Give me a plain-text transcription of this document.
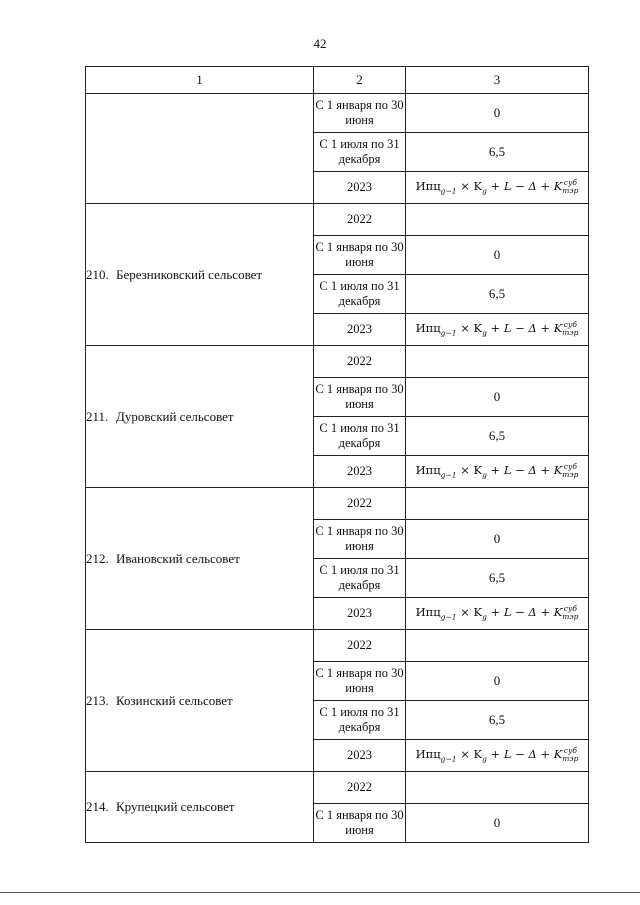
42
1	2	3
	С 1 января по 30 июня	0
	С 1 июля по 31 декабря	6,5
	2023	$Ипц_{g-1} \times K_g + L - \Delta + K$ суб
тэр

210. Березниковский сельсовет	2022	
	С 1 января по 30 июня	0
	С 1 июля по 31 декабря	6,5
	2023	$Ипц_{g-1} \times K_g + L - \Delta + K$ суб
тэр

211. Дуровский сельсовет	2022	
	С 1 января по 30 июня	0
	С 1 июля по 31 декабря	6,5
	2023	$Ипц_{g-1} \times K_g + L - \Delta + K$ суб
тэр

212. Ивановский сельсовет	2022	
	С 1 января по 30 июня	0
	С 1 июля по 31 декабря	6,5
	2023	$Ипц_{g-1} \times K_g + L - \Delta + K$ суб
тэр

213. Козинский сельсовет	2022	
	С 1 января по 30 июня	0
	С 1 июля по 31 декабря	6,5
	2023	$Ипц_{g-1} \times K_g + L - \Delta + K$ суб
тэр

214. Крупецкий сельсовет	2022	
	С 1 января по 30 июня	0
